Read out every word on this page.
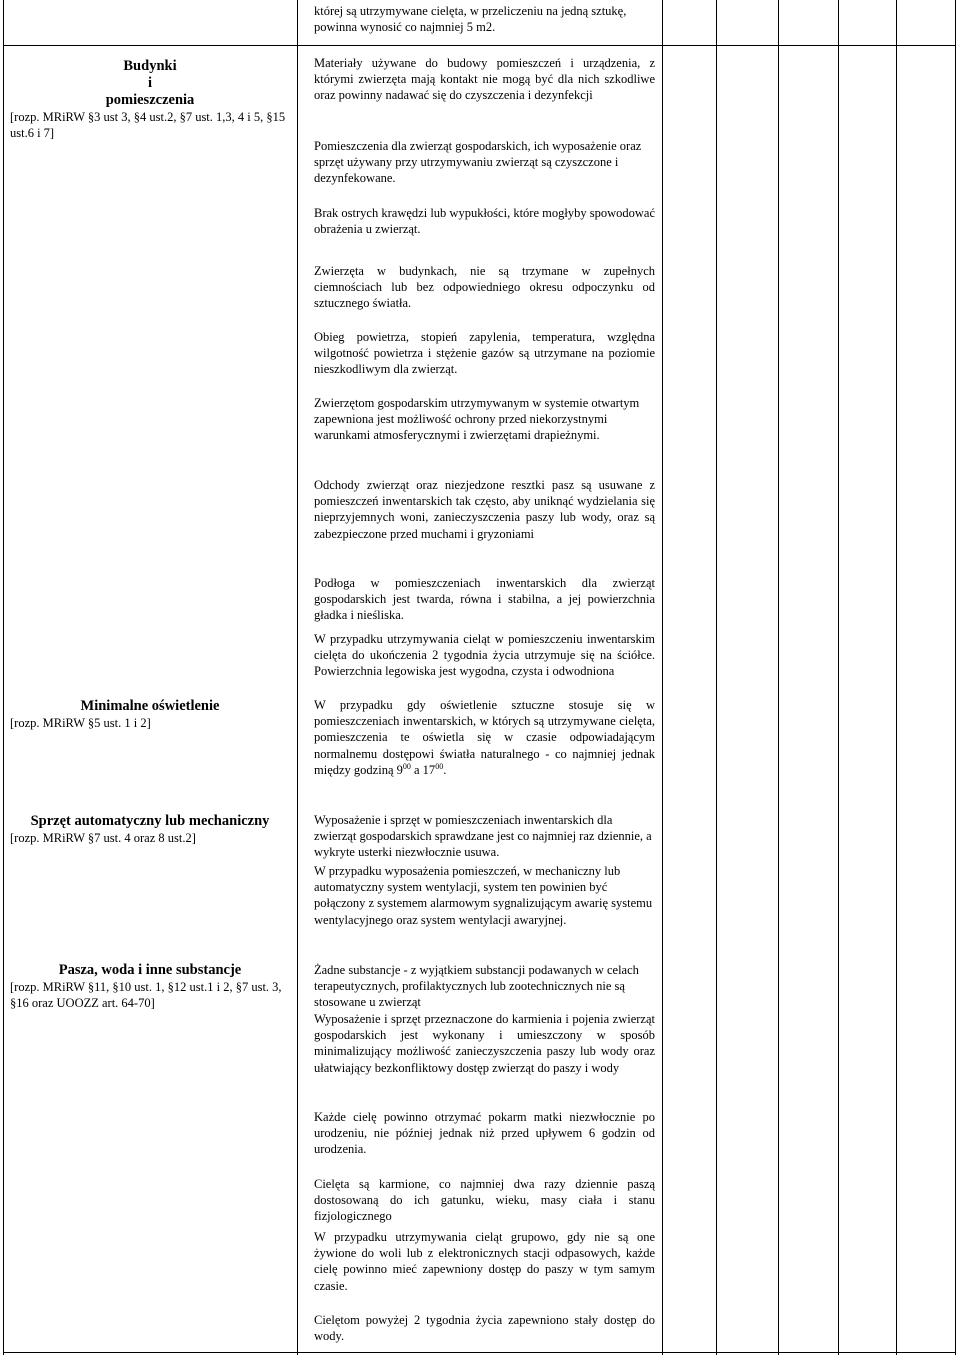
Budynki
i
pomieszczenia
[rozp. MRiRW §3 ust 3, §4 ust.2, §7 ust. 1,3, 4 i 5, §15 ust.6 i 7]
Minimalne oświetlenie
[rozp. MRiRW §5 ust. 1 i 2]
Sprzęt automatyczny lub mechaniczny
[rozp. MRiRW §7 ust. 4 oraz 8 ust.2]
Pasza, woda i inne substancje
[rozp. MRiRW §11, §10 ust. 1, §12 ust.1 i 2, §7 ust. 3, §16 oraz UOOZZ art. 64-70]

której są utrzymywane cielęta, w przeliczeniu na jedną sztukę, powinna wynosić co najmniej 5 m2.

Materiały używane do budowy pomieszczeń i urządzenia, z którymi zwierzęta mają kontakt nie mogą być dla nich szkodliwe oraz powinny nadawać się do czyszczenia i dezynfekcji

Pomieszczenia dla zwierząt gospodarskich, ich wyposażenie oraz sprzęt używany przy utrzymywaniu zwierząt są czyszczone i dezynfekowane.

Brak ostrych krawędzi lub wypukłości, które mogłyby spowodować obrażenia u zwierząt.

Zwierzęta w budynkach, nie są trzymane w zupełnych ciemnościach lub bez odpowiedniego okresu odpoczynku od sztucznego światła.

Obieg powietrza, stopień zapylenia, temperatura, względna wilgotność powietrza i stężenie gazów są utrzymane na poziomie nieszkodliwym dla zwierząt.

Zwierzętom gospodarskim utrzymywanym w systemie otwartym zapewniona jest możliwość ochrony przed niekorzystnymi warunkami atmosferycznymi i zwierzętami drapieżnymi.

Odchody zwierząt oraz niezjedzone resztki pasz są usuwane z pomieszczeń inwentarskich tak często, aby uniknąć wydzielania się nieprzyjemnych woni, zanieczyszczenia paszy lub wody, oraz są zabezpieczone przed muchami i gryzoniami

Podłoga w pomieszczeniach inwentarskich dla zwierząt gospodarskich jest twarda, równa i stabilna, a jej powierzchnia gładka i nieśliska.

W przypadku utrzymywania cieląt w pomieszczeniu inwentarskim cielęta do ukończenia 2 tygodnia życia utrzymuje się na ściółce. Powierzchnia legowiska jest wygodna, czysta i odwodniona

W przypadku gdy oświetlenie sztuczne stosuje się w pomieszczeniach inwentarskich, w których są utrzymywane cielęta, pomieszczenia te oświetla się w czasie odpowiadającym normalnemu dostępowi światła naturalnego - co najmniej jednak między godziną $9^{00}$ a $17^{00}$.

Wyposażenie i sprzęt w pomieszczeniach inwentarskich dla zwierząt gospodarskich sprawdzane jest co najmniej raz dziennie, a wykryte usterki niezwłocznie usuwa.

W przypadku wyposażenia pomieszczeń, w mechaniczny lub automatyczny system wentylacji, system ten powinien być połączony z systemem alarmowym sygnalizującym awarię systemu wentylacyjnego oraz system wentylacji awaryjnej.

Żadne substancje - z wyjątkiem substancji podawanych w celach terapeutycznych, profilaktycznych lub zootechnicznych nie są stosowane u zwierząt

Wyposażenie i sprzęt przeznaczone do karmienia i pojenia zwierząt gospodarskich jest wykonany i umieszczony w sposób minimalizujący możliwość zanieczyszczenia paszy lub wody oraz ułatwiający bezkonfliktowy dostęp zwierząt do paszy i wody

Każde cielę powinno otrzymać pokarm matki niezwłocznie po urodzeniu, nie później jednak niż przed upływem 6 godzin od urodzenia.

Cielęta są karmione, co najmniej dwa razy dziennie paszą dostosowaną do ich gatunku, wieku, masy ciała i stanu fizjologicznego

W przypadku utrzymywania cieląt grupowo, gdy nie są one żywione do woli lub z elektronicznych stacji odpasowych, każde cielę powinno mieć zapewniony dostęp do paszy w tym samym czasie.

Cielętom powyżej 2 tygodnia życia zapewniono stały dostęp do wody.
